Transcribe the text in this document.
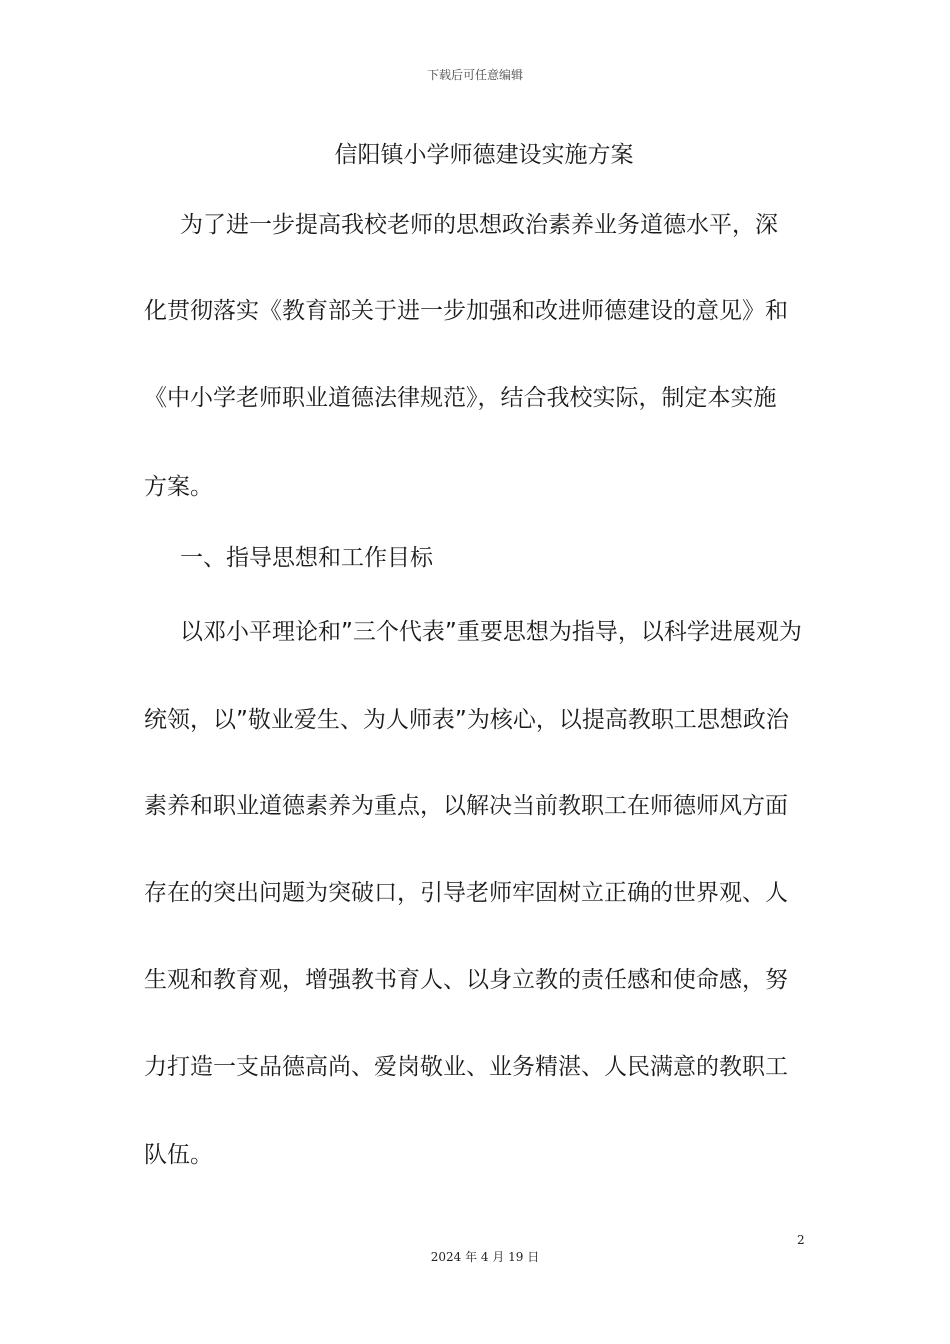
下载后可任意编辑
信阳镇小学师德建设实施方案
为了进一步提高我校老师的思想政治素养业务道德水平，深
化贯彻落实《教育部关于进一步加强和改进师德建设的意见》和
《中小学老师职业道德法律规范》，结合我校实际，制定本实施
方案。
一、指导思想和工作目标
以邓小平理论和”三个代表”重要思想为指导，以科学进展观为
统领，以”敬业爱生、为人师表”为核心，以提高教职工思想政治
素养和职业道德素养为重点，以解决当前教职工在师德师风方面
存在的突出问题为突破口，引导老师牢固树立正确的世界观、人
生观和教育观，增强教书育人、以身立教的责任感和使命感，努
力打造一支品德高尚、爱岗敬业、业务精湛、人民满意的教职工
队伍。
2
2024 年 4 月 19 日
